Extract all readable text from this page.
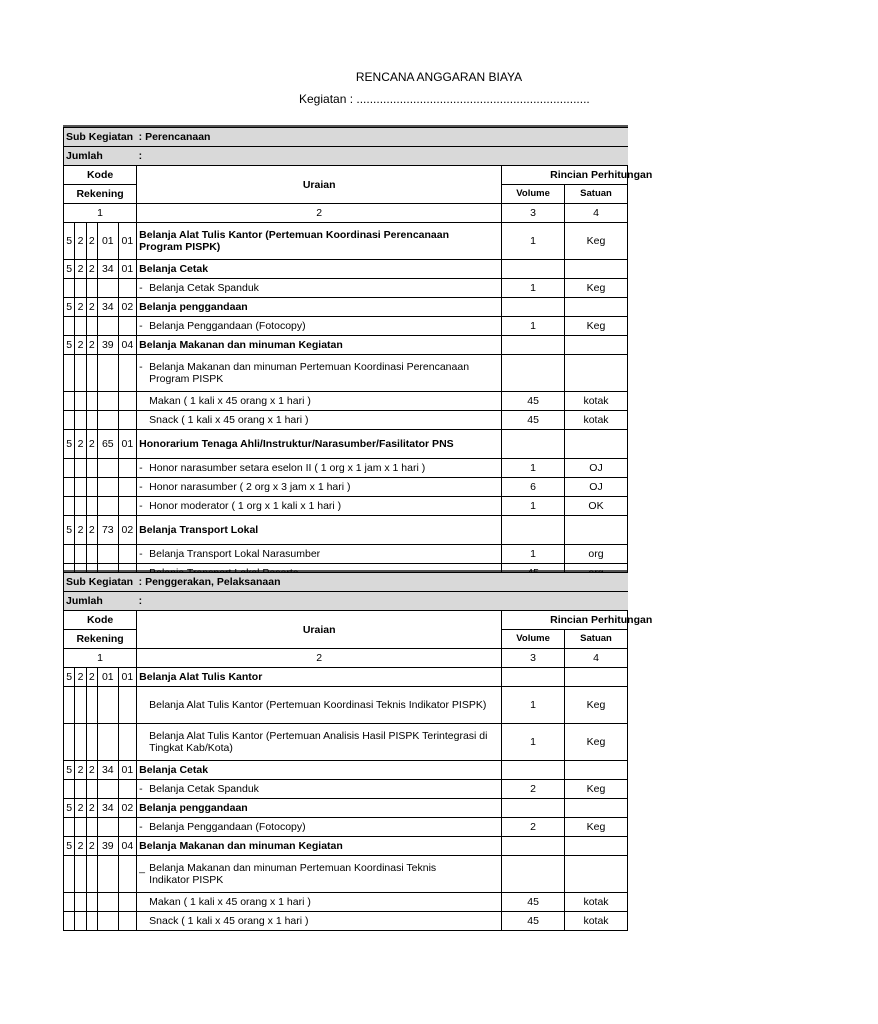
RENCANA ANGGARAN BIAYA
Kegiatan : ......................................................................
Sub Kegiatan					: Perencanaan		
Jumlah					:		
Kode					Uraian	Rincian Perhitungan	
Rekening						Volume	Satuan
1					2	3	4
5	2	2	01	01	Belanja Alat Tulis Kantor (Pertemuan Koordinasi Perencanaan Program PISPK)	1	Keg
5	2	2	34	01	Belanja Cetak		
					- Belanja Cetak Spanduk	1	Keg
5	2	2	34	02	Belanja penggandaan		
					- Belanja Penggandaan (Fotocopy)	1	Keg
5	2	2	39	04	Belanja Makanan dan minuman Kegiatan		
					- Belanja Makanan dan minuman Pertemuan Koordinasi Perencanaan Program PISPK		
					Makan ( 1 kali x 45 orang x 1 hari )	45	kotak
					Snack ( 1 kali x 45 orang x 1 hari )	45	kotak
5	2	2	65	01	Honorarium Tenaga Ahli/Instruktur/Narasumber/Fasilitator PNS		
					- Honor narasumber setara eselon II ( 1 org x 1 jam x 1 hari )	1	OJ
					- Honor narasumber ( 2 org x 3 jam x 1 hari )	6	OJ
					- Honor moderator ( 1 org x 1 kali x 1 hari )	1	OK
5	2	2	73	02	Belanja Transport Lokal		
					- Belanja Transport Lokal Narasumber	1	org

Sub Kegiatan					: Penggerakan, Pelaksanaan		
Jumlah					:		
Kode					Uraian	Rincian Perhitungan	
Rekening						Volume	Satuan
1					2	3	4
5	2	2	01	01	Belanja Alat Tulis Kantor		
					Belanja Alat Tulis Kantor (Pertemuan Koordinasi Teknis Indikator PISPK)	1	Keg
					Belanja Alat Tulis Kantor (Pertemuan Analisis Hasil PISPK Terintegrasi di Tingkat Kab/Kota)	1	Keg
5	2	2	34	01	Belanja Cetak		
					- Belanja Cetak Spanduk	2	Keg
5	2	2	34	02	Belanja penggandaan		
					- Belanja Penggandaan (Fotocopy)	2	Keg
5	2	2	39	04	Belanja Makanan dan minuman Kegiatan		
					_ Belanja Makanan dan minuman Pertemuan Koordinasi Teknis Indikator PISPK		
					Makan ( 1 kali x 45 orang x 1 hari )	45	kotak
					Snack ( 1 kali x 45 orang x 1 hari )	45	kotak
